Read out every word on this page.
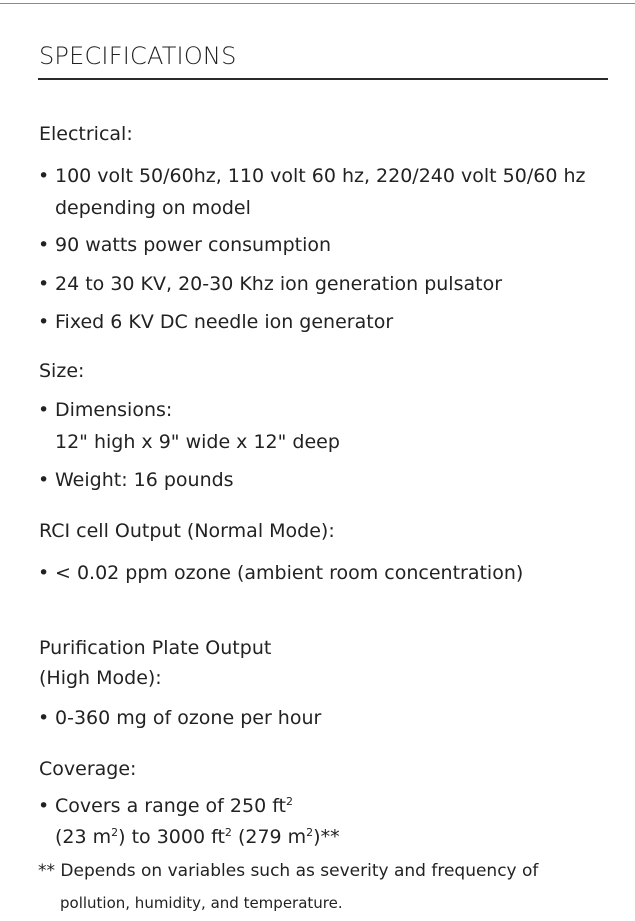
SPECIFICATIONS
Electrical:
• 100 volt 50/60hz, 110 volt 60 hz, 220/240 volt 50/60 hz
depending on model
• 90 watts power consumption
• 24 to 30 KV, 20-30 Khz ion generation pulsator
• Fixed 6 KV DC needle ion generator
Size:
• Dimensions:
12" high x 9" wide x 12" deep
• Weight: 16 pounds
RCI cell Output (Normal Mode):
• < 0.02 ppm ozone (ambient room concentration)
Purification Plate Output
(High Mode):
• 0-360 mg of ozone per hour
Coverage:
• Covers a range of 250 $ft^2$
(23 $m^2$) to 3000 $ft^2$ (279 $m^2)**$
** Depends on variables such as severity and frequency of
pollution, humidity, and temperature.
